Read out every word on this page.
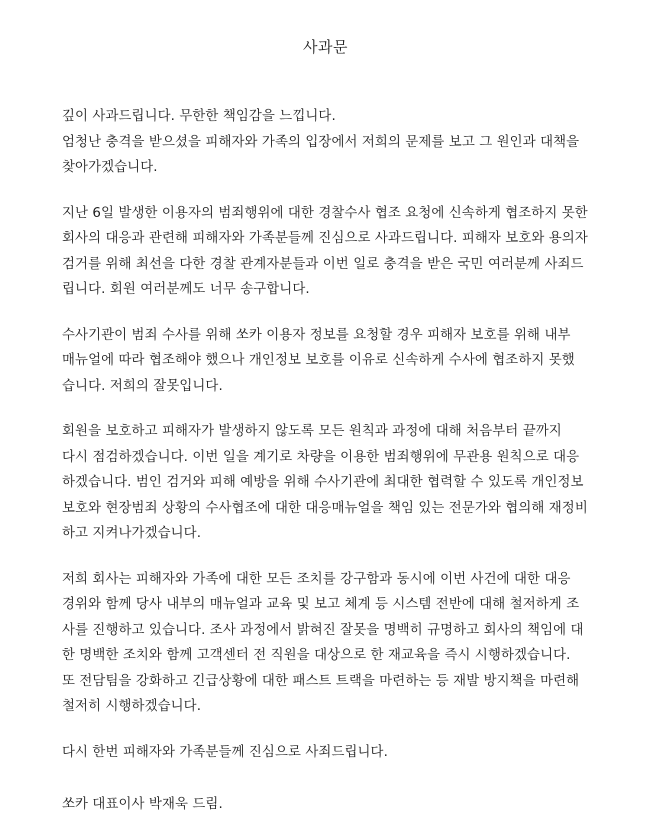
사과문
깊이 사과드립니다. 무한한 책임감을 느낍니다.
엄청난 충격을 받으셨을 피해자와 가족의 입장에서 저희의 문제를 보고 그 원인과 대책을
찾아가겠습니다.
지난 6일 발생한 이용자의 범죄행위에 대한 경찰수사 협조 요청에 신속하게 협조하지 못한
회사의 대응과 관련해 피해자와 가족분들께 진심으로 사과드립니다. 피해자 보호와 용의자
검거를 위해 최선을 다한 경찰 관계자분들과 이번 일로 충격을 받은 국민 여러분께 사죄드
립니다. 회원 여러분께도 너무 송구합니다.
수사기관이 범죄 수사를 위해 쏘카 이용자 정보를 요청할 경우 피해자 보호를 위해 내부
매뉴얼에 따라 협조해야 했으나 개인정보 보호를 이유로 신속하게 수사에 협조하지 못했
습니다. 저희의 잘못입니다.
회원을 보호하고 피해자가 발생하지 않도록 모든 원칙과 과정에 대해 처음부터 끝까지
다시 점검하겠습니다. 이번 일을 계기로 차량을 이용한 범죄행위에 무관용 원칙으로 대응
하겠습니다. 범인 검거와 피해 예방을 위해 수사기관에 최대한 협력할 수 있도록 개인정보
보호와 현장범죄 상황의 수사협조에 대한 대응매뉴얼을 책임 있는 전문가와 협의해 재정비
하고 지켜나가겠습니다.
저희 회사는 피해자와 가족에 대한 모든 조치를 강구함과 동시에 이번 사건에 대한 대응
경위와 함께 당사 내부의 매뉴얼과 교육 및 보고 체계 등 시스템 전반에 대해 철저하게 조
사를 진행하고 있습니다. 조사 과정에서 밝혀진 잘못을 명백히 규명하고 회사의 책임에 대
한 명백한 조치와 함께 고객센터 전 직원을 대상으로 한 재교육을 즉시 시행하겠습니다.
또 전담팀을 강화하고 긴급상황에 대한 패스트 트랙을 마련하는 등 재발 방지책을 마련해
철저히 시행하겠습니다.
다시 한번 피해자와 가족분들께 진심으로 사죄드립니다.
쏘카 대표이사 박재욱 드림.
